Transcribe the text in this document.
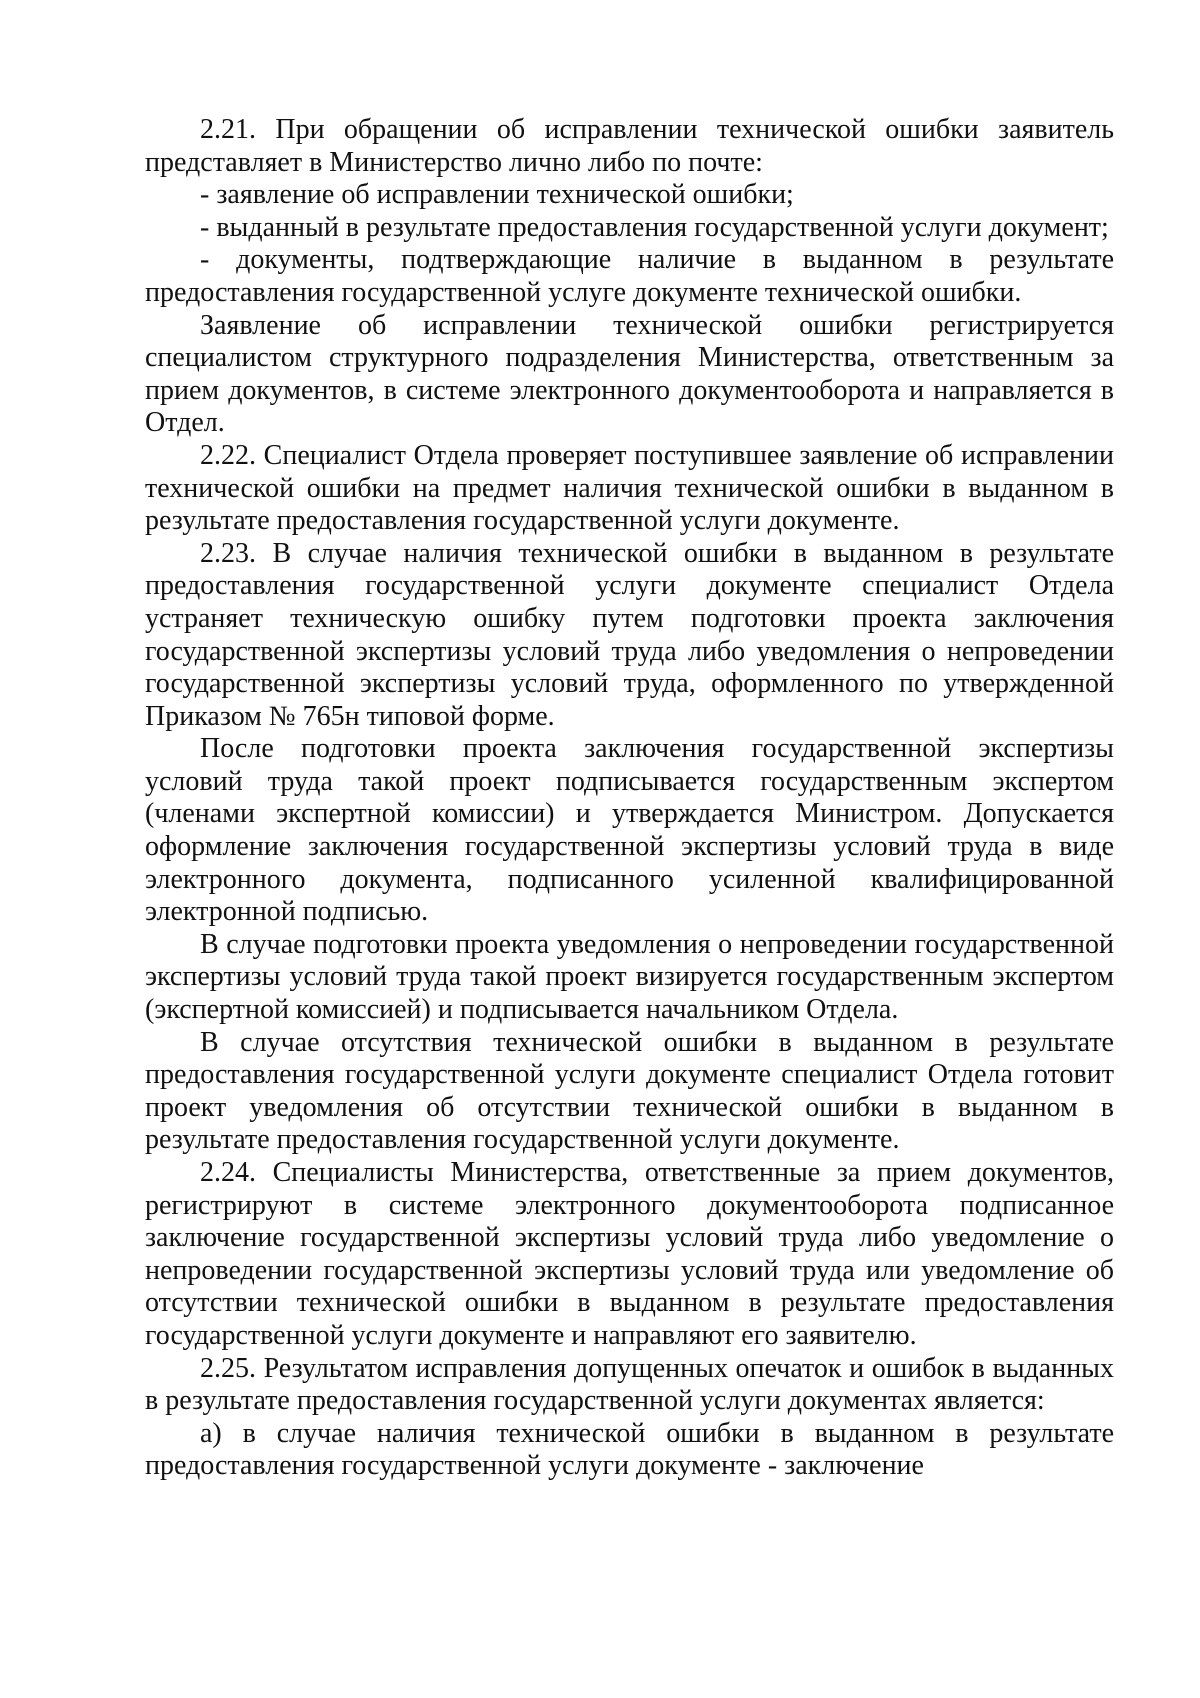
2.21. При обращении об исправлении технической ошибки заявитель представляет в Министерство лично либо по почте:

- заявление об исправлении технической ошибки;

- выданный в результате предоставления государственной услуги документ;

- документы, подтверждающие наличие в выданном в результате предоставления государственной услуге документе технической ошибки.

Заявление об исправлении технической ошибки регистрируется специалистом структурного подразделения Министерства, ответственным за прием документов, в системе электронного документооборота и направляется в Отдел.

2.22. Специалист Отдела проверяет поступившее заявление об исправлении технической ошибки на предмет наличия технической ошибки в выданном в результате предоставления государственной услуги документе.

2.23. В случае наличия технической ошибки в выданном в результате предоставления государственной услуги документе специалист Отдела устраняет техническую ошибку путем подготовки проекта заключения государственной экспертизы условий труда либо уведомления о непроведении государственной экспертизы условий труда, оформленного по утвержденной Приказом № 765н типовой форме.

После подготовки проекта заключения государственной экспертизы условий труда такой проект подписывается государственным экспертом (членами экспертной комиссии) и утверждается Министром. Допускается оформление заключения государственной экспертизы условий труда в виде электронного документа, подписанного усиленной квалифицированной электронной подписью.

В случае подготовки проекта уведомления о непроведении государственной экспертизы условий труда такой проект визируется государственным экспертом (экспертной комиссией) и подписывается начальником Отдела.

В случае отсутствия технической ошибки в выданном в результате предоставления государственной услуги документе специалист Отдела готовит проект уведомления об отсутствии технической ошибки в выданном в результате предоставления государственной услуги документе.

2.24. Специалисты Министерства, ответственные за прием документов, регистрируют в системе электронного документооборота подписанное заключение государственной экспертизы условий труда либо уведомление о непроведении государственной экспертизы условий труда или уведомление об отсутствии технической ошибки в выданном в результате предоставления государственной услуги документе и направляют его заявителю.

2.25. Результатом исправления допущенных опечаток и ошибок в выданных в результате предоставления государственной услуги документах является:

а) в случае наличия технической ошибки в выданном в результате предоставления государственной услуги документе - заключение
